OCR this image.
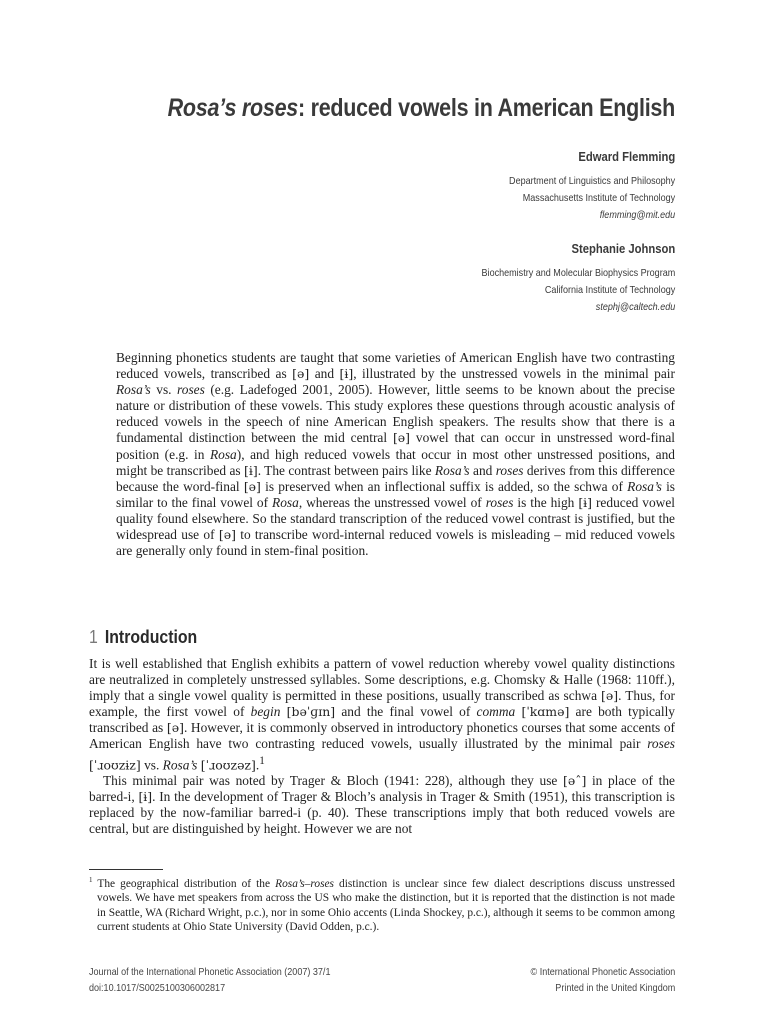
Rosa’s roses: reduced vowels in American English
Edward Flemming
Department of Linguistics and Philosophy
Massachusetts Institute of Technology
flemming@mit.edu
Stephanie Johnson
Biochemistry and Molecular Biophysics Program
California Institute of Technology
stephj@caltech.edu

Beginning phonetics students are taught that some varieties of American English have two contrasting reduced vowels, transcribed as [ə] and [ɨ], illustrated by the unstressed vowels in the minimal pair Rosa’s vs. roses (e.g. Ladefoged 2001, 2005). However, little seems to be known about the precise nature or distribution of these vowels. This study explores these questions through acoustic analysis of reduced vowels in the speech of nine American English speakers. The results show that there is a fundamental distinction between the mid central [ə] vowel that can occur in unstressed word-final position (e.g. in Rosa), and high reduced vowels that occur in most other unstressed positions, and might be transcribed as [ɨ]. The contrast between pairs like Rosa’s and roses derives from this difference because the word-final [ə] is preserved when an inflectional suffix is added, so the schwa of Rosa’s is similar to the final vowel of Rosa, whereas the unstressed vowel of roses is the high [ɨ] reduced vowel quality found elsewhere. So the standard transcription of the reduced vowel contrast is justified, but the widespread use of [ə] to transcribe word-internal reduced vowels is misleading – mid reduced vowels are generally only found in stem-final position.

1 Introduction

It is well established that English exhibits a pattern of vowel reduction whereby vowel quality distinctions are neutralized in completely unstressed syllables. Some descriptions, e.g. Chomsky & Halle (1968: 110ff.), imply that a single vowel quality is permitted in these positions, usually transcribed as schwa [ə]. Thus, for example, the first vowel of begin [bəˈɡɪn] and the final vowel of comma [ˈkɑmə] are both typically transcribed as [ə]. However, it is commonly observed in introductory phonetics courses that some accents of American English have two contrasting reduced vowels, usually illustrated by the minimal pair roses [ˈɹoʊzɨz] vs. Rosa’s [ˈɹoʊzəz].$^1$

This minimal pair was noted by Trager & Bloch (1941: 228), although they use [əˆ] in place of the barred-i, [ɨ]. In the development of Trager & Bloch’s analysis in Trager & Smith (1951), this transcription is replaced by the now-familiar barred-i (p. 40). These transcriptions imply that both reduced vowels are central, but are distinguished by height. However we are not

$^1$ The geographical distribution of the Rosa’s–roses distinction is unclear since few dialect descriptions discuss unstressed vowels. We have met speakers from across the US who make the distinction, but it is reported that the distinction is not made in Seattle, WA (Richard Wright, p.c.), nor in some Ohio accents (Linda Shockey, p.c.), although it seems to be common among current students at Ohio State University (David Odden, p.c.).

Journal of the International Phonetic Association (2007) 37/1
doi:10.1017/S0025100306002817
© International Phonetic Association
Printed in the United Kingdom
